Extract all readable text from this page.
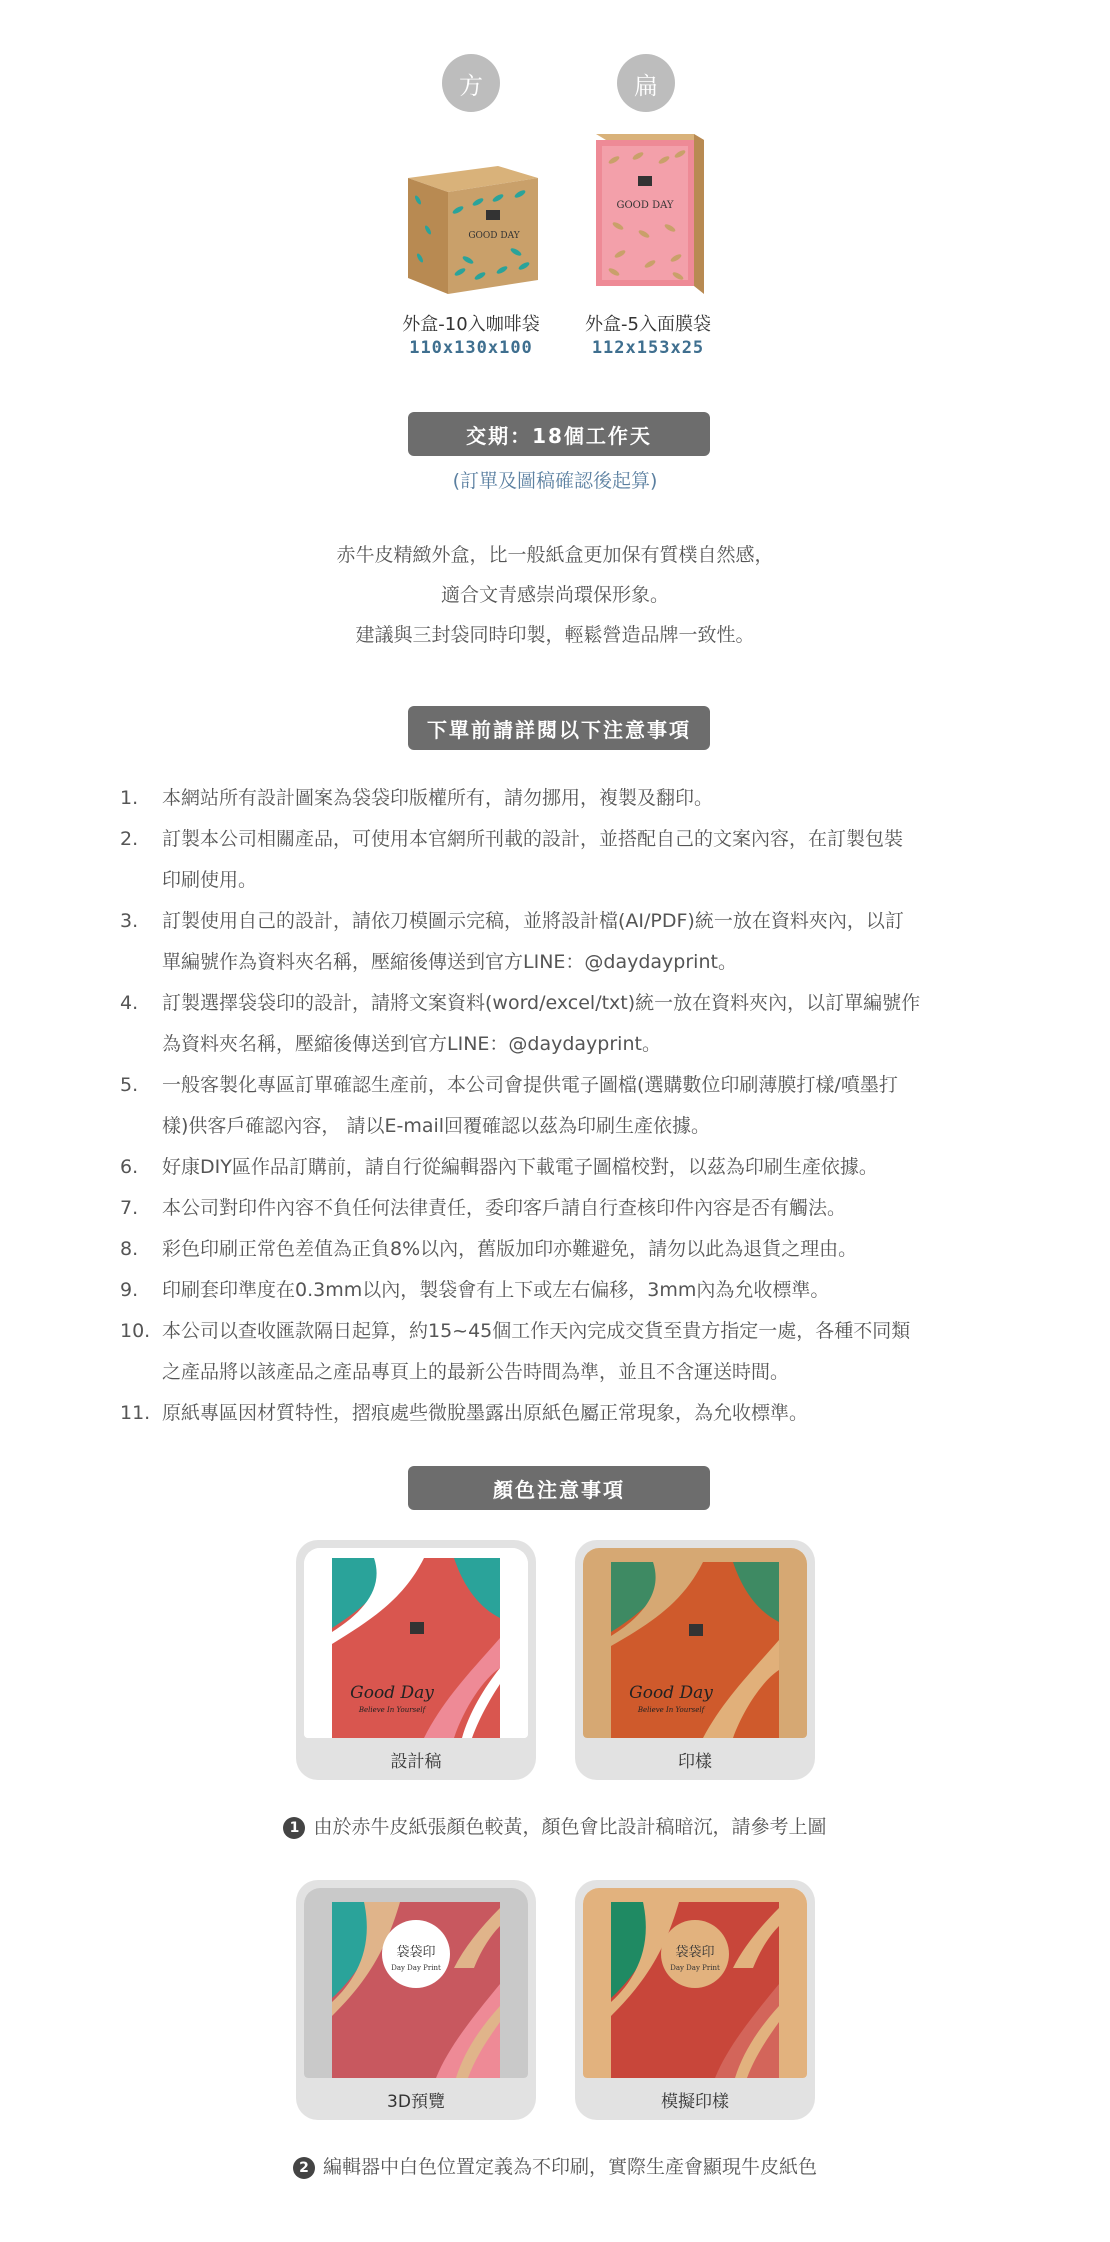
方	扁
GOOD DAY
GOOD DAY
外盒-10入咖啡袋
110x130x100
外盒-5入面膜袋
112x153x25
交期：18個工作天
(訂單及圖稿確認後起算)
赤牛皮精緻外盒，比一般紙盒更加保有質樸自然感，
適合文青感崇尚環保形象。
建議與三封袋同時印製，輕鬆營造品牌一致性。
下單前請詳閱以下注意事項
1.	本網站所有設計圖案為袋袋印版權所有，請勿挪用，複製及翻印。
2.	訂製本公司相關產品，可使用本官網所刊載的設計，並搭配自己的文案內容，在訂製包裝
印刷使用。
3.	訂製使用自己的設計，請依刀模圖示完稿，並將設計檔(AI/PDF)統一放在資料夾內，以訂
單編號作為資料夾名稱，壓縮後傳送到官方LINE：@daydayprint。
4.	訂製選擇袋袋印的設計，請將文案資料(word/excel/txt)統一放在資料夾內，以訂單編號作
為資料夾名稱，壓縮後傳送到官方LINE：@daydayprint。
5.	一般客製化專區訂單確認生產前，本公司會提供電子圖檔(選購數位印刷薄膜打樣/噴墨打
樣)供客戶確認內容， 請以E-mail回覆確認以茲為印刷生產依據。
6.	好康DIY區作品訂購前，請自行從編輯器內下載電子圖檔校對，以茲為印刷生產依據。
7.	本公司對印件內容不負任何法律責任，委印客戶請自行查核印件內容是否有觸法。
8.	彩色印刷正常色差值為正負8%以內，舊版加印亦難避免，請勿以此為退貨之理由。
9.	印刷套印準度在0.3mm以內，製袋會有上下或左右偏移，3mm內為允收標準。
10. 本公司以查收匯款隔日起算，約15~45個工作天內完成交貨至貴方指定一處，各種不同類
之產品將以該產品之產品專頁上的最新公告時間為準，並且不含運送時間。
11. 原紙專區因材質特性，摺痕處些微脫墨露出原紙色屬正常現象，為允收標準。
顏色注意事項
Good Day
Believe In Yourself
設計稿
Good Day
Believe In Yourself
印樣
1 由於赤牛皮紙張顏色較黃，顏色會比設計稿暗沉，請參考上圖
袋袋印
Day Day Print
3D預覽
袋袋印
Day Day Print
模擬印樣
2 編輯器中白色位置定義為不印刷，實際生產會顯現牛皮紙色
